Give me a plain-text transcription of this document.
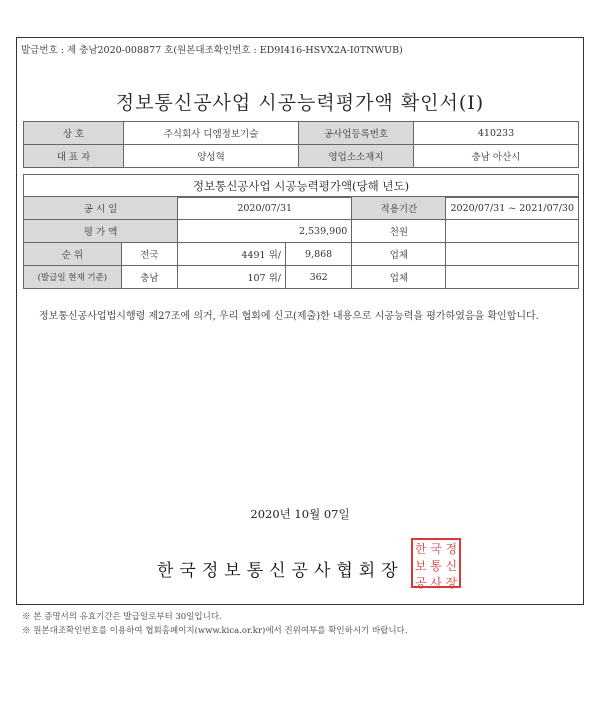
발급번호 : 제 충남2020-008877 호(원본대조확인번호 : ED9I416-HSVX2A-I0TNWUB)
정보통신공사업 시공능력평가액 확인서(Ⅰ)
상 호	주식회사 디엠정보기술	공사업등록번호	410233
대 표 자	양성혁	영업소소재지	충남 아산시
정보통신공사업 시공능력평가액(당해 년도)
공 시 일		2020/07/31		적용기간	2020/07/31 ~ 2021/07/30
평 가 액		2,539,900		천원	
순 위	전국	4491 위/	9,868	업체	
(발급일 현재 기준)	충남	107 위/	362	업체	
정보통신공사업법시행령 제27조에 의거, 우리 협회에 신고(제출)한 내용으로 시공능력을 평가하였음을 확인합니다.
2020년 10월 07일
한국정보통신공사협회장
한 국 정
보 통 신
공 사 장
※ 본 증명서의 유효기간은 발급일로부터 30일입니다.
※ 원본대조확인번호를 이용하여 협회홈페이지(www.kica.or.kr)에서 진위여부를 확인하시기 바랍니다.
